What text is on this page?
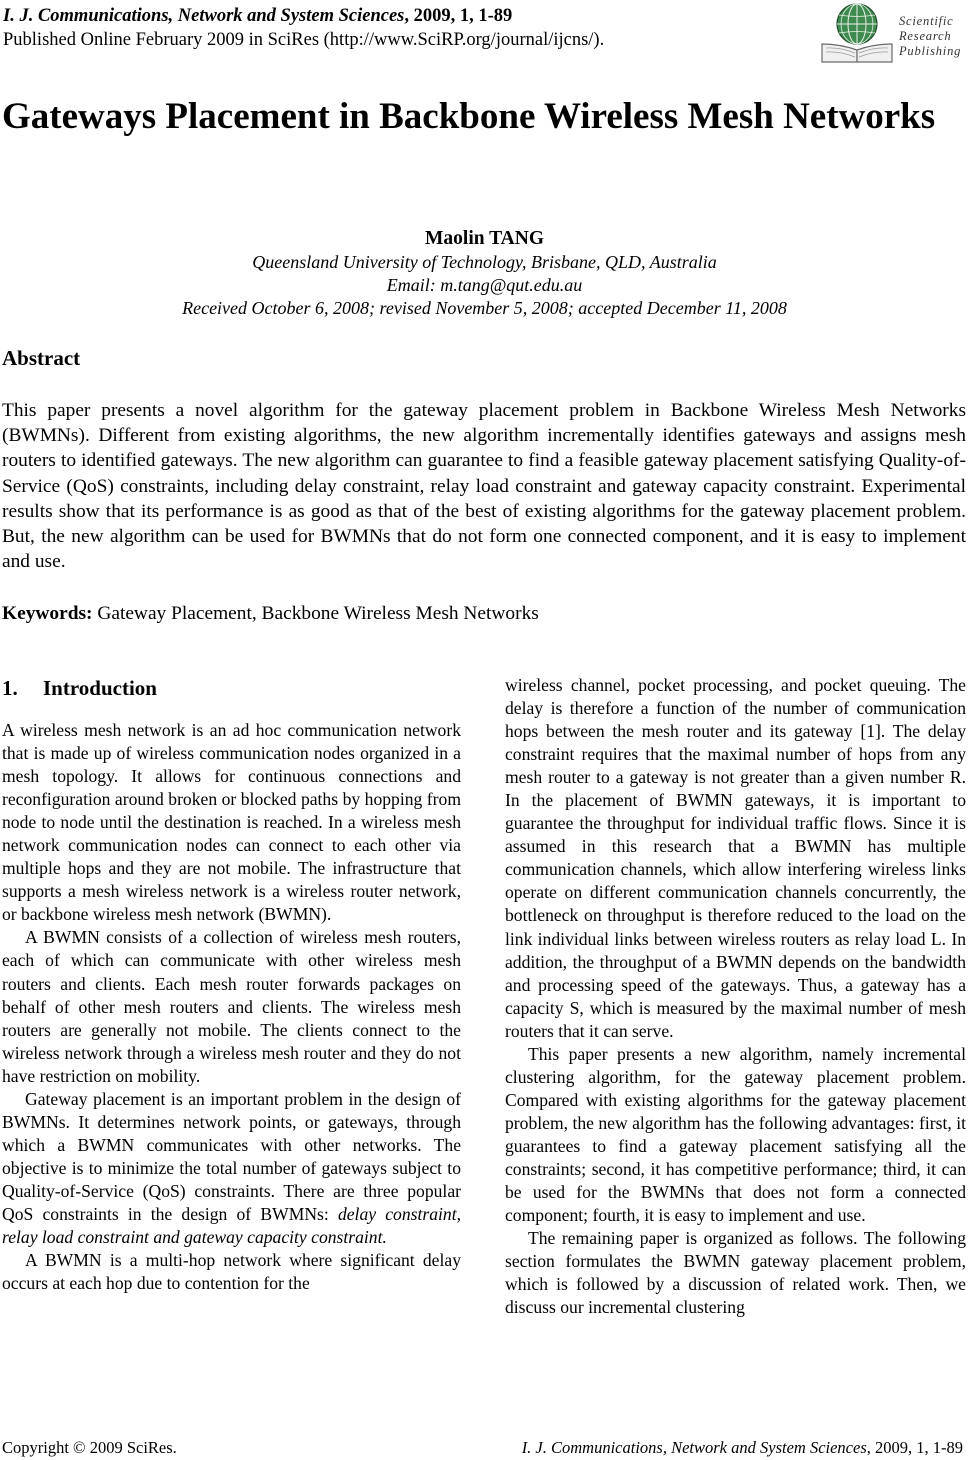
I. J. Communications, Network and System Sciences, 2009, 1, 1-89
Published Online February 2009 in SciRes (http://www.SciRP.org/journal/ijcns/).
Scientific
Research
Publishing
Gateways Placement in Backbone Wireless Mesh Networks
Maolin TANG
Queensland University of Technology, Brisbane, QLD, Australia
Email: m.tang@qut.edu.au
Received October 6, 2008; revised November 5, 2008; accepted December 11, 2008
Abstract

This paper presents a novel algorithm for the gateway placement problem in Backbone Wireless Mesh Networks (BWMNs). Different from existing algorithms, the new algorithm incrementally identifies gateways and assigns mesh routers to identified gateways. The new algorithm can guarantee to find a feasible gateway placement satisfying Quality-of-Service (QoS) constraints, including delay constraint, relay load constraint and gateway capacity constraint. Experimental results show that its performance is as good as that of the best of existing algorithms for the gateway placement problem. But, the new algorithm can be used for BWMNs that do not form one connected component, and it is easy to implement and use.

Keywords: Gateway Placement, Backbone Wireless Mesh Networks

1. Introduction

A wireless mesh network is an ad hoc communication network that is made up of wireless communication nodes organized in a mesh topology. It allows for continuous connections and reconfiguration around broken or blocked paths by hopping from node to node until the destination is reached. In a wireless mesh network communication nodes can connect to each other via multiple hops and they are not mobile. The infrastructure that supports a mesh wireless network is a wireless router network, or backbone wireless mesh network (BWMN).

A BWMN consists of a collection of wireless mesh routers, each of which can communicate with other wireless mesh routers and clients. Each mesh router forwards packages on behalf of other mesh routers and clients. The wireless mesh routers are generally not mobile. The clients connect to the wireless network through a wireless mesh router and they do not have restriction on mobility.

Gateway placement is an important problem in the design of BWMNs. It determines network points, or gateways, through which a BWMN communicates with other networks. The objective is to minimize the total number of gateways subject to Quality-of-Service (QoS) constraints. There are three popular QoS constraints in the design of BWMNs: delay constraint, relay load constraint and gateway capacity constraint.

A BWMN is a multi-hop network where significant delay occurs at each hop due to contention for the

wireless channel, pocket processing, and pocket queuing. The delay is therefore a function of the number of communication hops between the mesh router and its gateway [1]. The delay constraint requires that the maximal number of hops from any mesh router to a gateway is not greater than a given number R. In the placement of BWMN gateways, it is important to guarantee the throughput for individual traffic flows. Since it is assumed in this research that a BWMN has multiple communication channels, which allow interfering wireless links operate on different communication channels concurrently, the bottleneck on throughput is therefore reduced to the load on the link individual links between wireless routers as relay load L. In addition, the throughput of a BWMN depends on the bandwidth and processing speed of the gateways. Thus, a gateway has a capacity S, which is measured by the maximal number of mesh routers that it can serve.

This paper presents a new algorithm, namely incremental clustering algorithm, for the gateway placement problem. Compared with existing algorithms for the gateway placement problem, the new algorithm has the following advantages: first, it guarantees to find a gateway placement satisfying all the constraints; second, it has competitive performance; third, it can be used for the BWMNs that does not form a connected component; fourth, it is easy to implement and use.

The remaining paper is organized as follows. The following section formulates the BWMN gateway placement problem, which is followed by a discussion of related work. Then, we discuss our incremental clustering

Copyright © 2009 SciRes.	I. J. Communications, Network and System Sciences, 2009, 1, 1-89
